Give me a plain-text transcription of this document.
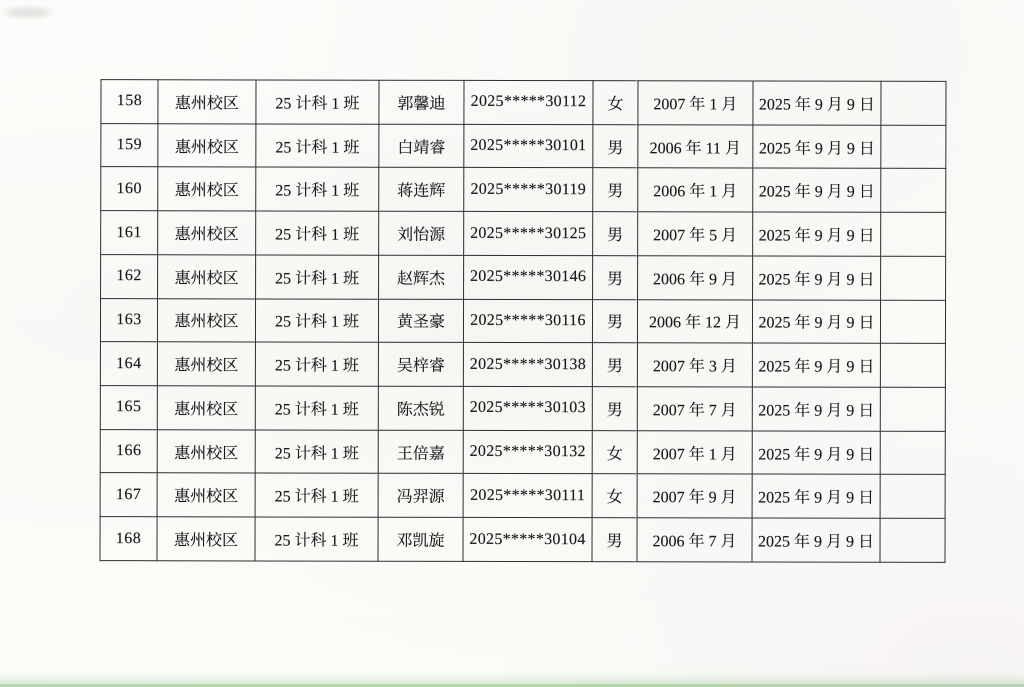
158	惠州校区	25 计科 1 班	郭馨迪	2025*****30112	女	2007 年 1 月	2025 年 9 月 9 日	
159	惠州校区	25 计科 1 班	白靖睿	2025*****30101	男	2006 年 11 月	2025 年 9 月 9 日	
160	惠州校区	25 计科 1 班	蒋连辉	2025*****30119	男	2006 年 1 月	2025 年 9 月 9 日	
161	惠州校区	25 计科 1 班	刘怡源	2025*****30125	男	2007 年 5 月	2025 年 9 月 9 日	
162	惠州校区	25 计科 1 班	赵辉杰	2025*****30146	男	2006 年 9 月	2025 年 9 月 9 日	
163	惠州校区	25 计科 1 班	黄圣豪	2025*****30116	男	2006 年 12 月	2025 年 9 月 9 日	
164	惠州校区	25 计科 1 班	吴梓睿	2025*****30138	男	2007 年 3 月	2025 年 9 月 9 日	
165	惠州校区	25 计科 1 班	陈杰锐	2025*****30103	男	2007 年 7 月	2025 年 9 月 9 日	
166	惠州校区	25 计科 1 班	王倍嘉	2025*****30132	女	2007 年 1 月	2025 年 9 月 9 日	
167	惠州校区	25 计科 1 班	冯羿源	2025*****30111	女	2007 年 9 月	2025 年 9 月 9 日	
168	惠州校区	25 计科 1 班	邓凯旋	2025*****30104	男	2006 年 7 月	2025 年 9 月 9 日	
